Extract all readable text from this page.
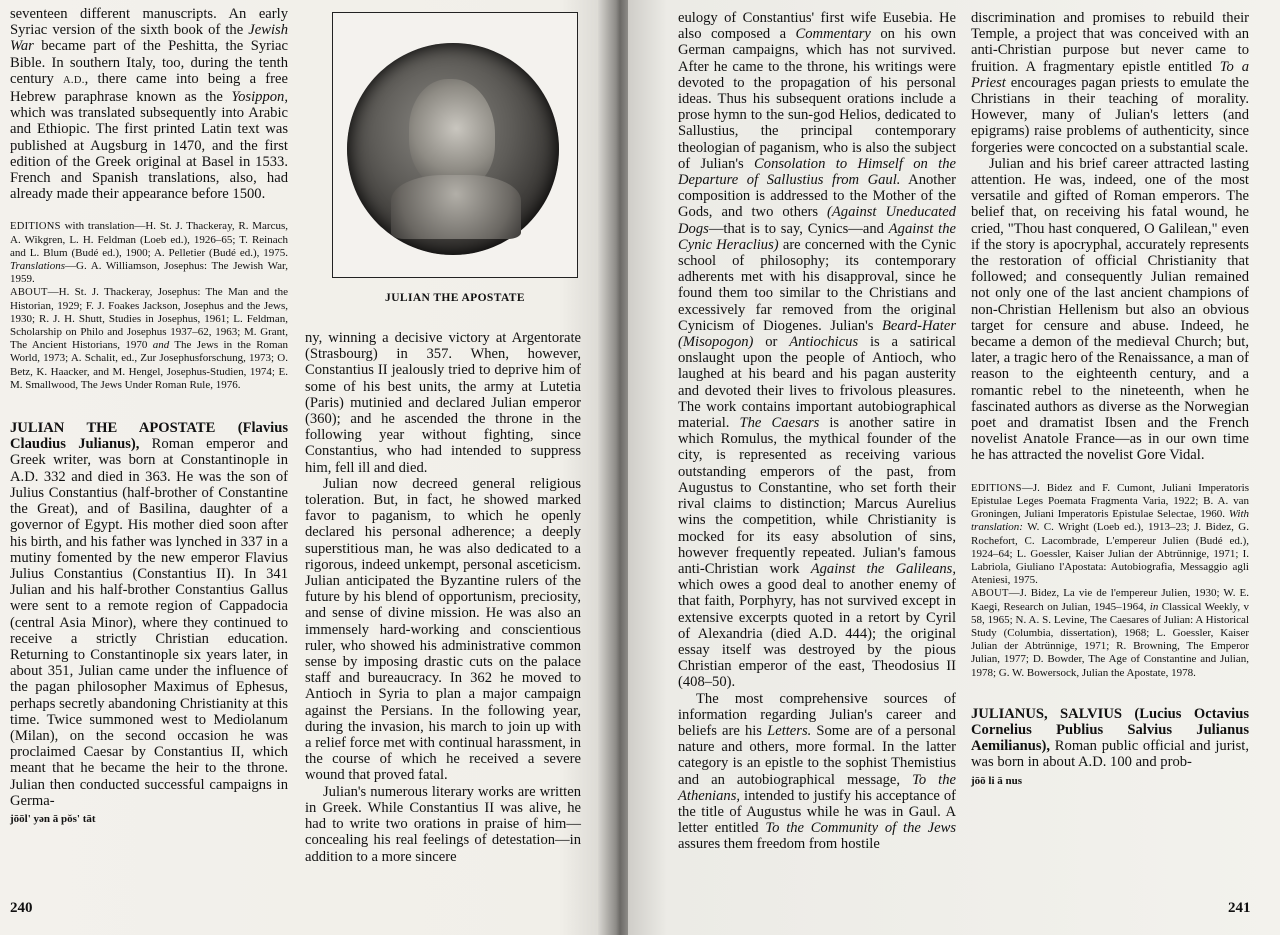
seventeen different manuscripts. An early Syriac version of the sixth book of the Jewish War became part of the Peshitta, the Syriac Bible. In southern Italy, too, during the tenth century A.D., there came into being a free Hebrew paraphrase known as the Yosippon, which was translated subsequently into Arabic and Ethiopic. The first printed Latin text was published at Augsburg in 1470, and the first edition of the Greek original at Basel in 1533. French and Spanish translations, also, had already made their appearance before 1500.

EDITIONS with translation—H. St. J. Thackeray, R. Marcus, A. Wikgren, L. H. Feldman (Loeb ed.), 1926–65; T. Reinach and L. Blum (Budé ed.), 1900; A. Pelletier (Budé ed.), 1975. Translations—G. A. Williamson, Josephus: The Jewish War, 1959.

ABOUT—H. St. J. Thackeray, Josephus: The Man and the Historian, 1929; F. J. Foakes Jackson, Josephus and the Jews, 1930; R. J. H. Shutt, Studies in Josephus, 1961; L. Feldman, Scholarship on Philo and Josephus 1937–62, 1963; M. Grant, The Ancient Historians, 1970 and The Jews in the Roman World, 1973; A. Schalit, ed., Zur Josephusforschung, 1973; O. Betz, K. Haacker, and M. Hengel, Josephus-Studien, 1974; E. M. Smallwood, The Jews Under Roman Rule, 1976.

JULIAN THE APOSTATE (Flavius Claudius Julianus), Roman emperor and Greek writer, was born at Constantinople in A.D. 332 and died in 363. He was the son of Julius Constantius (half-brother of Constantine the Great), and of Basilina, daughter of a governor of Egypt. His mother died soon after his birth, and his father was lynched in 337 in a mutiny fomented by the new emperor Flavius Julius Constantius (Constantius II). In 341 Julian and his half-brother Constantius Gallus were sent to a remote region of Cappadocia (central Asia Minor), where they continued to receive a strictly Christian education. Returning to Constantinople six years later, in about 351, Julian came under the influence of the pagan philosopher Maximus of Ephesus, perhaps secretly abandoning Christianity at this time. Twice summoned west to Mediolanum (Milan), on the second occasion he was proclaimed Caesar by Constantius II, which meant that he became the heir to the throne. Julian then conducted successful campaigns in Germa-

jōōl' yən ā pŏs' tāt
JULIAN THE APOSTATE

ny, winning a decisive victory at Argentorate (Strasbourg) in 357. When, however, Constantius II jealously tried to deprive him of some of his best units, the army at Lutetia (Paris) mutinied and declared Julian emperor (360); and he ascended the throne in the following year without fighting, since Constantius, who had intended to suppress him, fell ill and died.

Julian now decreed general religious toleration. But, in fact, he showed marked favor to paganism, to which he openly declared his personal adherence; a deeply superstitious man, he was also dedicated to a rigorous, indeed unkempt, personal asceticism. Julian anticipated the Byzantine rulers of the future by his blend of opportunism, preciosity, and sense of divine mission. He was also an immensely hard-working and conscientious ruler, who showed his administrative common sense by imposing drastic cuts on the palace staff and bureaucracy. In 362 he moved to Antioch in Syria to plan a major campaign against the Persians. In the following year, during the invasion, his march to join up with a relief force met with continual harassment, in the course of which he received a severe wound that proved fatal.

Julian's numerous literary works are written in Greek. While Constantius II was alive, he had to write two orations in praise of him—concealing his real feelings of detestation—in addition to a more sincere

240

eulogy of Constantius' first wife Eusebia. He also composed a Commentary on his own German campaigns, which has not survived. After he came to the throne, his writings were devoted to the propagation of his personal ideas. Thus his subsequent orations include a prose hymn to the sun-god Helios, dedicated to Sallustius, the principal contemporary theologian of paganism, who is also the subject of Julian's Consolation to Himself on the Departure of Sallustius from Gaul. Another composition is addressed to the Mother of the Gods, and two others (Against Uneducated Dogs—that is to say, Cynics—and Against the Cynic Heraclius) are concerned with the Cynic school of philosophy; its contemporary adherents met with his disapproval, since he found them too similar to the Christians and excessively far removed from the original Cynicism of Diogenes. Julian's Beard-Hater (Misopogon) or Antiochicus is a satirical onslaught upon the people of Antioch, who laughed at his beard and his pagan austerity and devoted their lives to frivolous pleasures. The work contains important autobiographical material. The Caesars is another satire in which Romulus, the mythical founder of the city, is represented as receiving various outstanding emperors of the past, from Augustus to Constantine, who set forth their rival claims to distinction; Marcus Aurelius wins the competition, while Christianity is mocked for its easy absolution of sins, however frequently repeated. Julian's famous anti-Christian work Against the Galileans, which owes a good deal to another enemy of that faith, Porphyry, has not survived except in extensive excerpts quoted in a retort by Cyril of Alexandria (died A.D. 444); the original essay itself was destroyed by the pious Christian emperor of the east, Theodosius II (408–50).

The most comprehensive sources of information regarding Julian's career and beliefs are his Letters. Some are of a personal nature and others, more formal. In the latter category is an epistle to the sophist Themistius and an autobiographical message, To the Athenians, intended to justify his acceptance of the title of Augustus while he was in Gaul. A letter entitled To the Community of the Jews assures them freedom from hostile

discrimination and promises to rebuild their Temple, a project that was conceived with an anti-Christian purpose but never came to fruition. A fragmentary epistle entitled To a Priest encourages pagan priests to emulate the Christians in their teaching of morality. However, many of Julian's letters (and epigrams) raise problems of authenticity, since forgeries were concocted on a substantial scale.

Julian and his brief career attracted lasting attention. He was, indeed, one of the most versatile and gifted of Roman emperors. The belief that, on receiving his fatal wound, he cried, "Thou hast conquered, O Galilean," even if the story is apocryphal, accurately represents the restoration of official Christianity that followed; and consequently Julian remained not only one of the last ancient champions of non-Christian Hellenism but also an obvious target for censure and abuse. Indeed, he became a demon of the medieval Church; but, later, a tragic hero of the Renaissance, a man of reason to the eighteenth century, and a romantic rebel to the nineteenth, when he fascinated authors as diverse as the Norwegian poet and dramatist Ibsen and the French novelist Anatole France—as in our own time he has attracted the novelist Gore Vidal.

EDITIONS—J. Bidez and F. Cumont, Juliani Imperatoris Epistulae Leges Poemata Fragmenta Varia, 1922; B. A. van Groningen, Juliani Imperatoris Epistulae Selectae, 1960. With translation: W. C. Wright (Loeb ed.), 1913–23; J. Bidez, G. Rochefort, C. Lacombrade, L'empereur Julien (Budé ed.), 1924–64; L. Goessler, Kaiser Julian der Abtrünnige, 1971; I. Labriola, Giuliano l'Apostata: Autobiografia, Messaggio agli Ateniesi, 1975.

ABOUT—J. Bidez, La vie de l'empereur Julien, 1930; W. E. Kaegi, Research on Julian, 1945–1964, in Classical Weekly, v 58, 1965; N. A. S. Levine, The Caesares of Julian: A Historical Study (Columbia, dissertation), 1968; L. Goessler, Kaiser Julian der Abtrünnige, 1971; R. Browning, The Emperor Julian, 1977; D. Bowder, The Age of Constantine and Julian, 1978; G. W. Bowersock, Julian the Apostate, 1978.

JULIANUS, SALVIUS (Lucius Octavius Cornelius Publius Salvius Julianus Aemilianus), Roman public official and jurist, was born in about A.D. 100 and prob-

jōō li ā nus
241
